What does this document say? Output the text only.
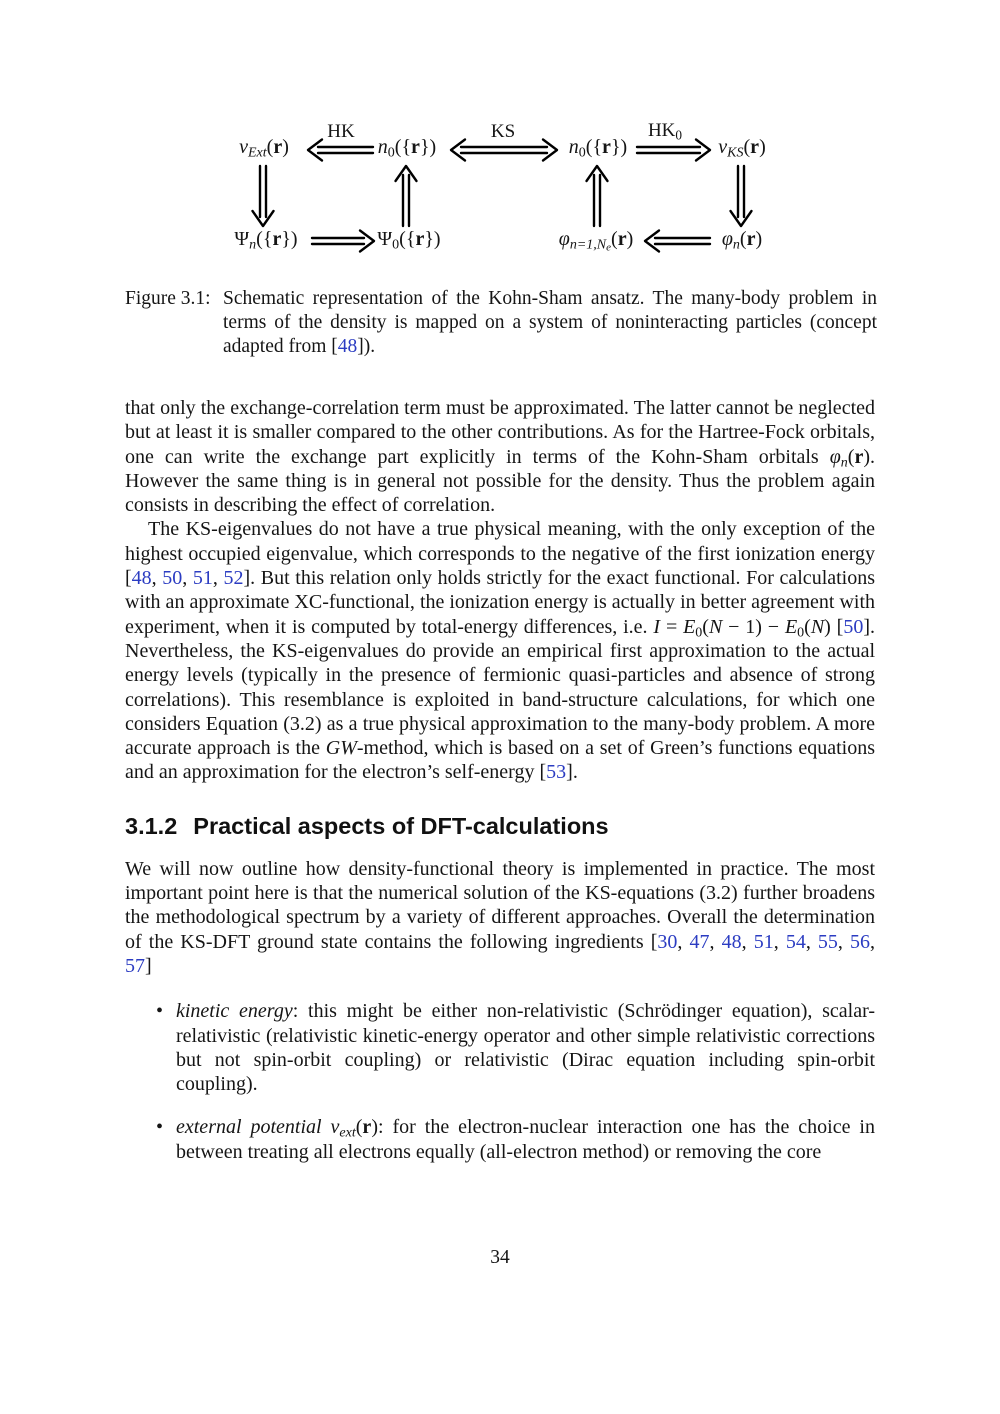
HK	KS	$HK_0$
$v_{Ext}(r)$	$n_0(\{r\})$	$n_0(\{r\})$	$v_{KS}(r)$
$\Psi_n(\{r\})$	$\Psi_0(\{r\})$	$\varphi_{n=1,Ne}(r)$	$\varphi_n(r)$
Figure 3.1: Schematic representation of the Kohn-Sham ansatz. The many-body problem in terms of the density is mapped on a system of noninteracting particles (concept adapted from [48]).

that only the exchange-correlation term must be approximated. The latter cannot be neglected but at least it is smaller compared to the other contributions. As for the Hartree-Fock orbitals, one can write the exchange part explicitly in terms of the Kohn-Sham orbitals $\varphi_n(r)$. However the same thing is in general not possible for the density. Thus the problem again consists in describing the effect of correlation.

The KS-eigenvalues do not have a true physical meaning, with the only exception of the highest occupied eigenvalue, which corresponds to the negative of the first ionization energy [48, 50, 51, 52]. But this relation only holds strictly for the exact functional. For calculations with an approximate XC-functional, the ionization energy is actually in better agreement with experiment, when it is computed by total-energy differences, i.e. $I = E_0(N - 1) - E_0(N)$ [50]. Nevertheless, the KS-eigenvalues do provide an empirical first approximation to the actual energy levels (typically in the presence of fermionic quasi-particles and absence of strong correlations). This resemblance is exploited in band-structure calculations, for which one considers Equation (3.2) as a true physical approximation to the many-body problem. A more accurate approach is the GW-method, which is based on a set of Green’s functions equations and an approximation for the electron’s self-energy [53].

3.1.2 Practical aspects of DFT-calculations

We will now outline how density-functional theory is implemented in practice. The most important point here is that the numerical solution of the KS-equations (3.2) further broadens the methodological spectrum by a variety of different approaches. Overall the determination of the KS-DFT ground state contains the following ingredients [30, 47, 48, 51, 54, 55, 56, 57]

• kinetic energy: this might be either non-relativistic (Schrödinger equation), scalar-relativistic (relativistic kinetic-energy operator and other simple relativistic corrections but not spin-orbit coupling) or relativistic (Dirac equation including spin-orbit coupling).
• external potential $v_{ext}(r)$: for the electron-nuclear interaction one has the choice in between treating all electrons equally (all-electron method) or removing the core
34
